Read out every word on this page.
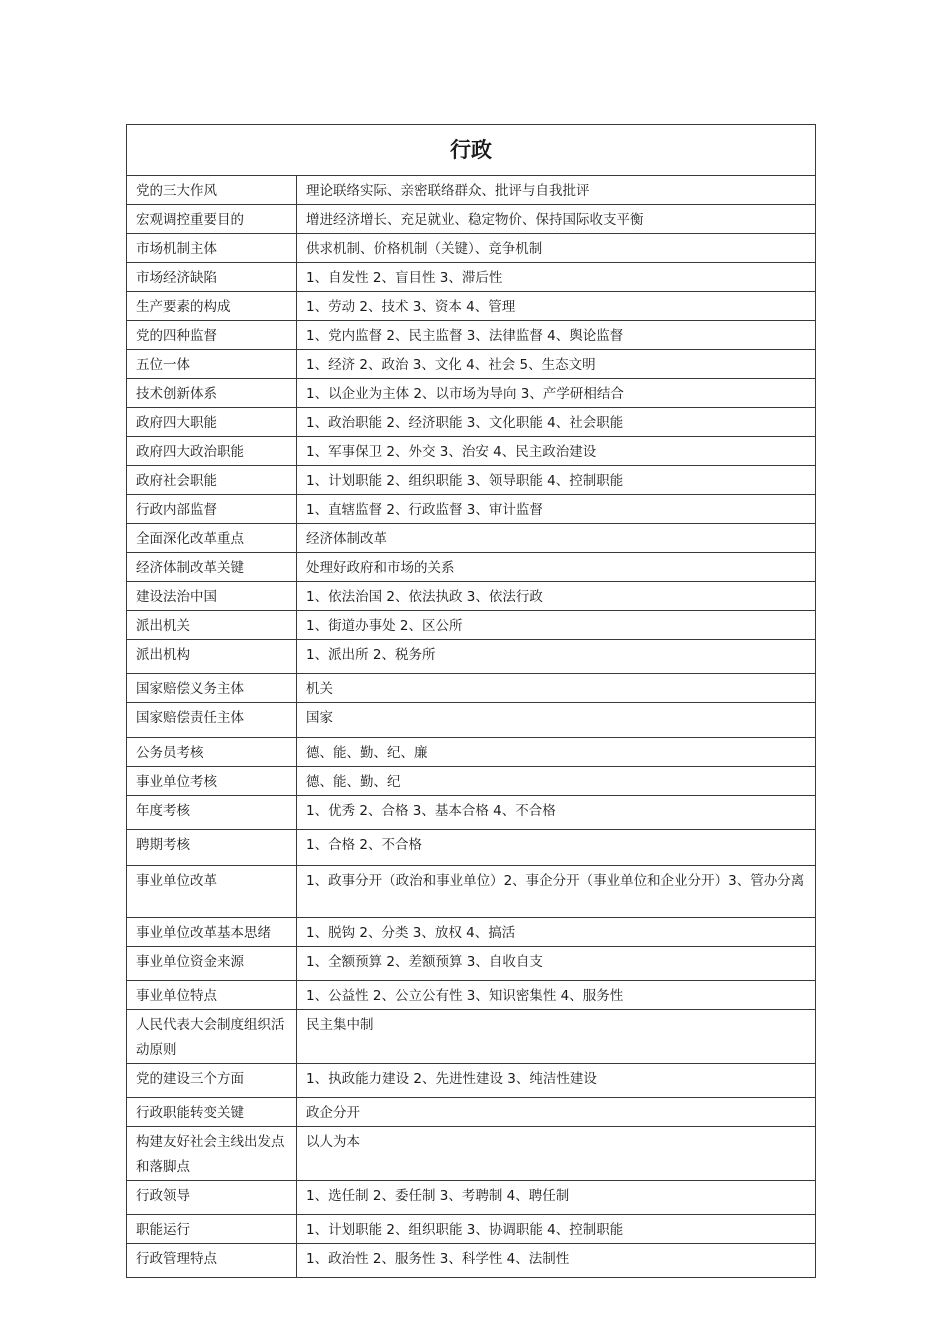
行政	
党的三大作风	理论联络实际、亲密联络群众、批评与自我批评
宏观调控重要目的	增进经济增长、充足就业、稳定物价、保持国际收支平衡
市场机制主体	供求机制、价格机制（关键）、竞争机制
市场经济缺陷	1、自发性 2、盲目性 3、滞后性
生产要素的构成	1、劳动 2、技术 3、资本 4、管理
党的四种监督	1、党内监督 2、民主监督 3、法律监督 4、舆论监督
五位一体	1、经济 2、政治 3、文化 4、社会 5、生态文明
技术创新体系	1、以企业为主体 2、以市场为导向 3、产学研相结合
政府四大职能	1、政治职能 2、经济职能 3、文化职能 4、社会职能
政府四大政治职能	1、军事保卫 2、外交 3、治安 4、民主政治建设
政府社会职能	1、计划职能 2、组织职能 3、领导职能 4、控制职能
行政内部监督	1、直辖监督 2、行政监督 3、审计监督
全面深化改革重点	经济体制改革
经济体制改革关键	处理好政府和市场的关系
建设法治中国	1、依法治国 2、依法执政 3、依法行政
派出机关	1、街道办事处 2、区公所
派出机构	1、派出所 2、税务所
国家赔偿义务主体	机关
国家赔偿责任主体	国家
公务员考核	德、能、勤、纪、廉
事业单位考核	德、能、勤、纪
年度考核	1、优秀 2、合格 3、基本合格 4、不合格
聘期考核	1、合格 2、不合格
事业单位改革	1、政事分开（政治和事业单位）2、事企分开（事业单位和企业分开）3、管办分离
事业单位改革基本思绪	1、脱钩 2、分类 3、放权 4、搞活
事业单位资金来源	1、全额预算 2、差额预算 3、自收自支
事业单位特点	1、公益性 2、公立公有性 3、知识密集性 4、服务性
人民代表大会制度组织活动原则	民主集中制
党的建设三个方面	1、执政能力建设 2、先进性建设 3、纯洁性建设
行政职能转变关键	政企分开
构建友好社会主线出发点和落脚点	以人为本
行政领导	1、选任制 2、委任制 3、考聘制 4、聘任制
职能运行	1、计划职能 2、组织职能 3、协调职能 4、控制职能
行政管理特点	1、政治性 2、服务性 3、科学性 4、法制性
